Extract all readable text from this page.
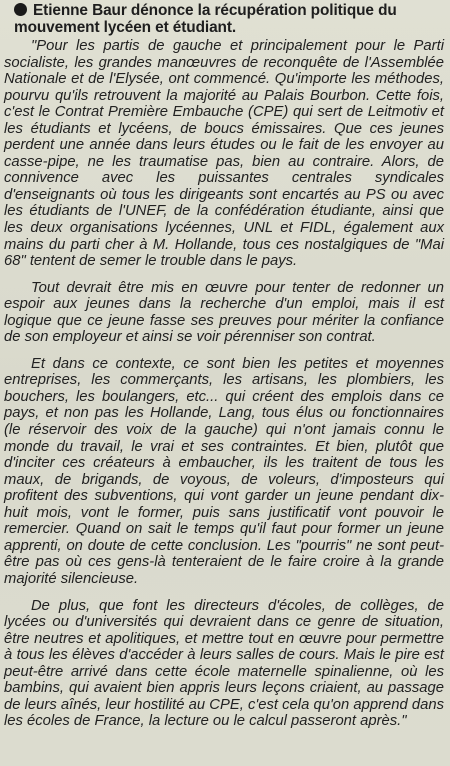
Etienne Baur dénonce la récupération politique du
mouvement lycéen et étudiant.

"Pour les partis de gauche et principalement pour le Parti socialiste, les grandes manœuvres de reconquête de l'Assemblée Nationale et de l'Elysée, ont commencé. Qu'importe les méthodes, pourvu qu'ils retrouvent la majorité au Palais Bourbon. Cette fois, c'est le Contrat Première Embauche (CPE) qui sert de Leitmotiv et les étudiants et lycéens, de boucs émissaires. Que ces jeunes perdent une année dans leurs études ou le fait de les envoyer au casse-pipe, ne les traumatise pas, bien au contraire. Alors, de connivence avec les puissantes centrales syndicales d'enseignants où tous les dirigeants sont encartés au PS ou avec les étudiants de l'UNEF, de la confédération étudiante, ainsi que les deux organisations lycéennes, UNL et FIDL, également aux mains du parti cher à M. Hollande, tous ces nostalgiques de "Mai 68" tentent de semer le trouble dans le pays.

Tout devrait être mis en œuvre pour tenter de redonner un espoir aux jeunes dans la recherche d'un emploi, mais il est logique que ce jeune fasse ses preuves pour mériter la confiance de son employeur et ainsi se voir pérenniser son contrat.

Et dans ce contexte, ce sont bien les petites et moyennes entreprises, les commerçants, les artisans, les plombiers, les bouchers, les boulangers, etc... qui créent des emplois dans ce pays, et non pas les Hollande, Lang, tous élus ou fonctionnaires (le réservoir des voix de la gauche) qui n'ont jamais connu le monde du travail, le vrai et ses contraintes. Et bien, plutôt que d'inciter ces créateurs à embaucher, ils les traitent de tous les maux, de brigands, de voyous, de voleurs, d'imposteurs qui profitent des subventions, qui vont garder un jeune pendant dix-huit mois, vont le former, puis sans justificatif vont pouvoir le remercier. Quand on sait le temps qu'il faut pour former un jeune apprenti, on doute de cette conclusion. Les "pourris" ne sont peut-être pas où ces gens-là tenteraient de le faire croire à la grande majorité silencieuse.

De plus, que font les directeurs d'écoles, de collèges, de lycées ou d'universités qui devraient dans ce genre de situation, être neutres et apolitiques, et mettre tout en œuvre pour permettre à tous les élèves d'accéder à leurs salles de cours. Mais le pire est peut-être arrivé dans cette école maternelle spinalienne, où les bambins, qui avaient bien appris leurs leçons criaient, au passage de leurs aînés, leur hostilité au CPE, c'est cela qu'on apprend dans les écoles de France, la lecture ou le calcul passeront après."
